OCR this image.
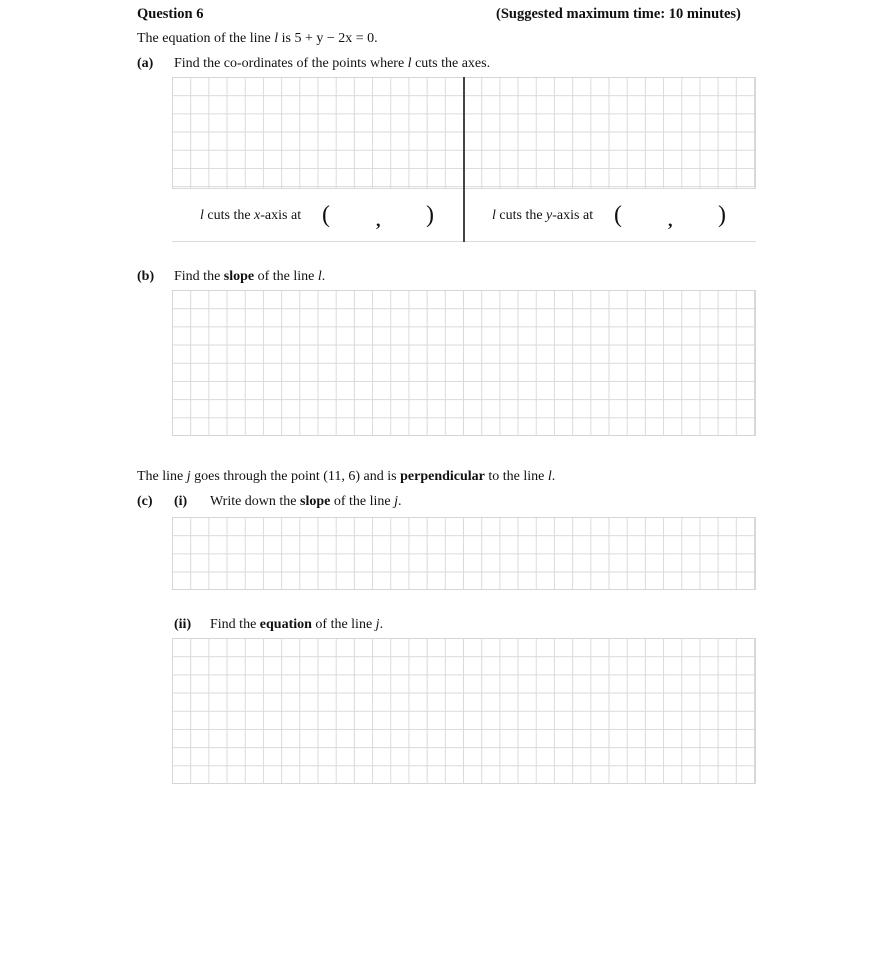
Question 6	(Suggested maximum time: 10 minutes)
The equation of the line l is 5 + y − 2x = 0.
(a) Find the co-ordinates of the points where l cuts the axes.
l cuts the x-axis at (	, )	l cuts the y-axis at (	, )
(b) Find the slope of the line l.
The line j goes through the point (11, 6) and is perpendicular to the line l.
(c) (i) Write down the slope of the line j.
(ii) Find the equation of the line j.
